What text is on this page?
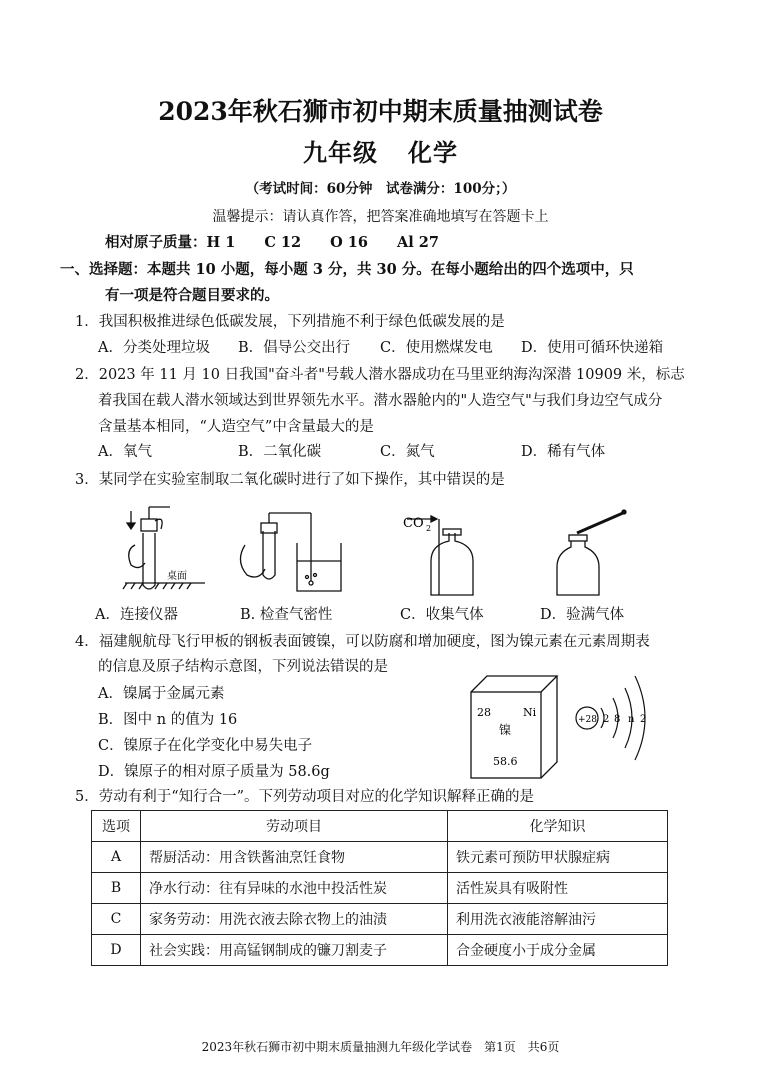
2023年秋石狮市初中期末质量抽测试卷
九年级 化学
（考试时间：60分钟　试卷满分：100分；）
温馨提示：请认真作答，把答案准确地填写在答题卡上
相对原子质量：H 1　　C 12　　O 16　　Al 27
一、选择题：本题共 10 小题，每小题 3 分，共 30 分。在每小题给出的四个选项中，只
有一项是符合题目要求的。
1．我国积极推进绿色低碳发展，下列措施不利于绿色低碳发展的是
A．分类处理垃圾 B．倡导公交出行 C．使用燃煤发电 D．使用可循环快递箱
2．2023 年 11 月 10 日我国"奋斗者"号载人潜水器成功在马里亚纳海沟深潜 10909 米，标志
着我国在载人潜水领域达到世界领先水平。潜水器舱内的"人造空气"与我们身边空气成分
含量基本相同，“人造空气”中含量最大的是
A．氧气	B．二氧化碳	C．氮气	D．稀有气体
3．某同学在实验室制取二氧化碳时进行了如下操作，其中错误的是
桌面
CO 2
A．连接仪器	B. 检查气密性	C．收集气体	D．验满气体
4．福建舰航母飞行甲板的钢板表面镀镍，可以防腐和增加硬度，图为镍元素在元素周期表
的信息及原子结构示意图，下列说法错误的是
A．镍属于金属元素
B．图中 n 的值为 16
C．镍原子在化学变化中易失电子
D．镍原子的相对原子质量为 58.6g
28	Ni
镍
58.6
+28 2 8 n 2
5．劳动有利于“知行合一”。下列劳动项目对应的化学知识解释正确的是
选项	劳动项目	化学知识
A	帮厨活动：用含铁酱油烹饪食物	铁元素可预防甲状腺症病
B	净水行动：往有异味的水池中投活性炭	活性炭具有吸附性
C	家务劳动：用洗衣液去除衣物上的油渍	利用洗衣液能溶解油污
D	社会实践：用高锰钢制成的镰刀割麦子	合金硬度小于成分金属
2023年秋石狮市初中期末质量抽测九年级化学试卷　第1页　共6页
